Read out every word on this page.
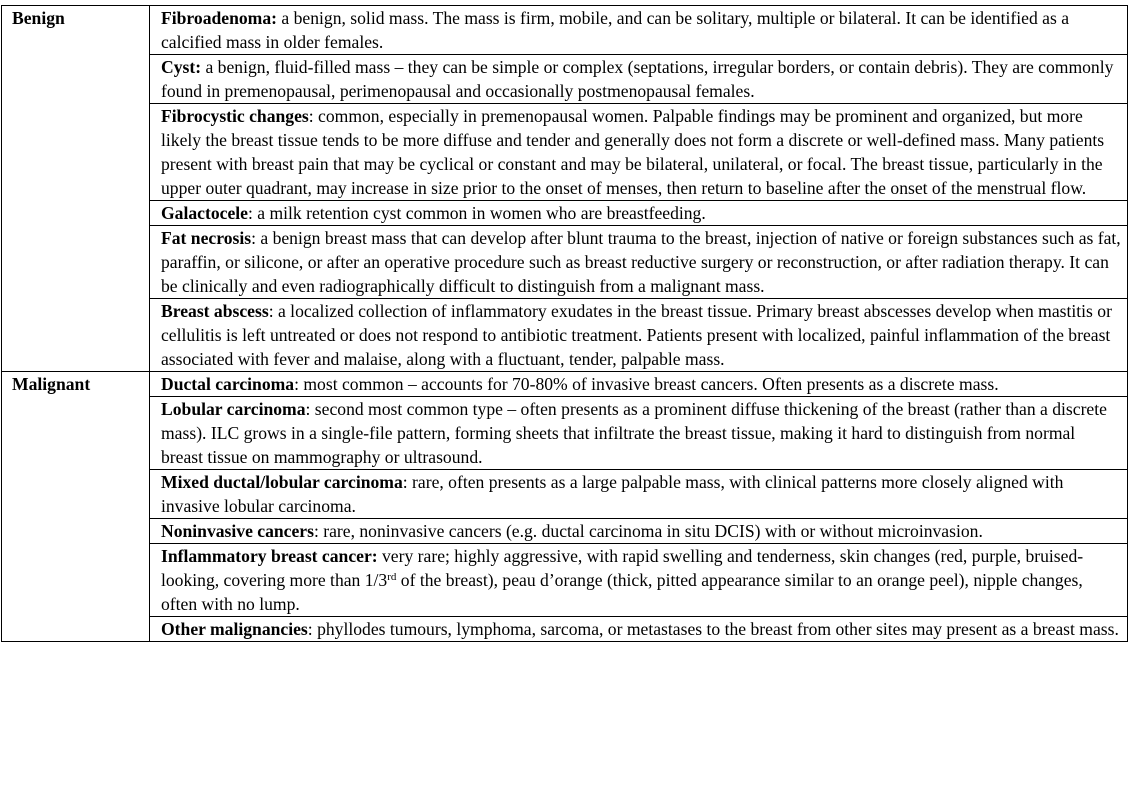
Benign	Fibroadenoma: a benign, solid mass. The mass is firm, mobile, and can be solitary, multiple or bilateral. It can be identified as a calcified mass in older females.
	Cyst: a benign, fluid-filled mass – they can be simple or complex (septations, irregular borders, or contain debris). They are commonly found in premenopausal, perimenopausal and occasionally postmenopausal females.
	Fibrocystic changes: common, especially in premenopausal women. Palpable findings may be prominent and organized, but more likely the breast tissue tends to be more diffuse and tender and generally does not form a discrete or well-defined mass. Many patients present with breast pain that may be cyclical or constant and may be bilateral, unilateral, or focal. The breast tissue, particularly in the upper outer quadrant, may increase in size prior to the onset of menses, then return to baseline after the onset of the menstrual flow.
	Galactocele: a milk retention cyst common in women who are breastfeeding.
	Fat necrosis: a benign breast mass that can develop after blunt trauma to the breast, injection of native or foreign substances such as fat, paraffin, or silicone, or after an operative procedure such as breast reductive surgery or reconstruction, or after radiation therapy. It can be clinically and even radiographically difficult to distinguish from a malignant mass.
	Breast abscess: a localized collection of inflammatory exudates in the breast tissue. Primary breast abscesses develop when mastitis or cellulitis is left untreated or does not respond to antibiotic treatment. Patients present with localized, painful inflammation of the breast associated with fever and malaise, along with a fluctuant, tender, palpable mass.
Malignant	Ductal carcinoma: most common – accounts for 70-80% of invasive breast cancers. Often presents as a discrete mass.
	Lobular carcinoma: second most common type – often presents as a prominent diffuse thickening of the breast (rather than a discrete mass). ILC grows in a single-file pattern, forming sheets that infiltrate the breast tissue, making it hard to distinguish from normal breast tissue on mammography or ultrasound.
	Mixed ductal/lobular carcinoma: rare, often presents as a large palpable mass, with clinical patterns more closely aligned with invasive lobular carcinoma.
	Noninvasive cancers: rare, noninvasive cancers (e.g. ductal carcinoma in situ DCIS) with or without microinvasion.
	Inflammatory breast cancer: very rare; highly aggressive, with rapid swelling and tenderness, skin changes (red, purple, bruised-looking, covering more than 1/3rd of the breast), peau d’orange (thick, pitted appearance similar to an orange peel), nipple changes, often with no lump.
	Other malignancies: phyllodes tumours, lymphoma, sarcoma, or metastases to the breast from other sites may present as a breast mass.
